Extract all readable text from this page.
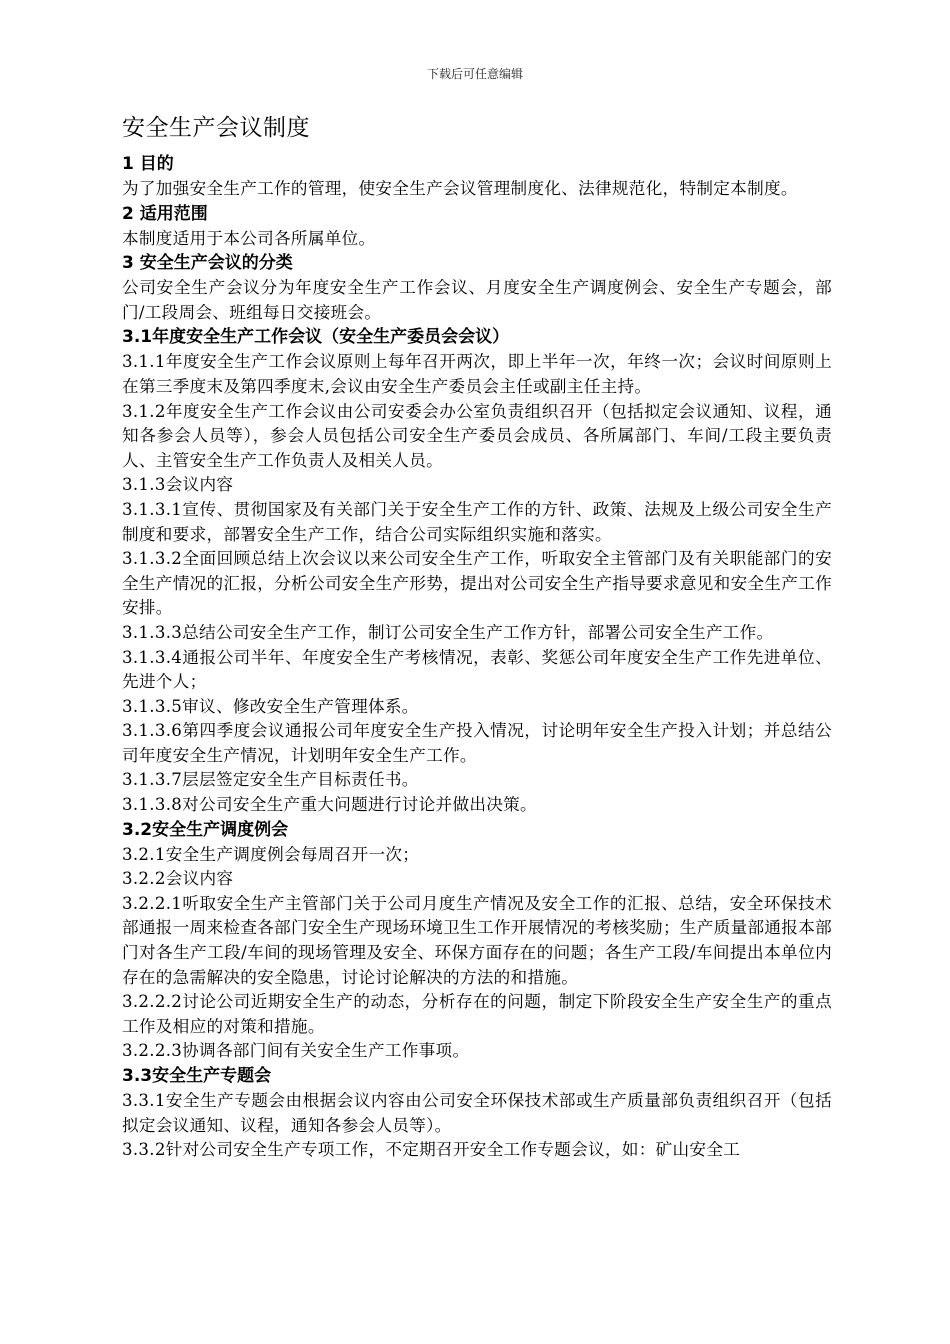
下载后可任意编辑
安全生产会议制度
1 目的
为了加强安全生产工作的管理，使安全生产会议管理制度化、法律规范化，特制定本制度。
2 适用范围
本制度适用于本公司各所属单位。
3 安全生产会议的分类
公司安全生产会议分为年度安全生产工作会议、月度安全生产调度例会、安全生产专题会，部门/工段周会、班组每日交接班会。
3.1年度安全生产工作会议（安全生产委员会会议）
3.1.1年度安全生产工作会议原则上每年召开两次，即上半年一次，年终一次；会议时间原则上在第三季度末及第四季度末,会议由安全生产委员会主任或副主任主持。
3.1.2年度安全生产工作会议由公司安委会办公室负责组织召开（包括拟定会议通知、议程，通知各参会人员等），参会人员包括公司安全生产委员会成员、各所属部门、车间/工段主要负责人、主管安全生产工作负责人及相关人员。
3.1.3会议内容
3.1.3.1宣传、贯彻国家及有关部门关于安全生产工作的方针、政策、法规及上级公司安全生产制度和要求，部署安全生产工作，结合公司实际组织实施和落实。
3.1.3.2全面回顾总结上次会议以来公司安全生产工作，听取安全主管部门及有关职能部门的安全生产情况的汇报，分析公司安全生产形势，提出对公司安全生产指导要求意见和安全生产工作安排。
3.1.3.3总结公司安全生产工作，制订公司安全生产工作方针，部署公司安全生产工作。
3.1.3.4通报公司半年、年度安全生产考核情况，表彰、奖惩公司年度安全生产工作先进单位、先进个人；
3.1.3.5审议、修改安全生产管理体系。
3.1.3.6第四季度会议通报公司年度安全生产投入情况，讨论明年安全生产投入计划；并总结公司年度安全生产情况，计划明年安全生产工作。
3.1.3.7层层签定安全生产目标责任书。
3.1.3.8对公司安全生产重大问题进行讨论并做出决策。
3.2安全生产调度例会
3.2.1安全生产调度例会每周召开一次；
3.2.2会议内容
3.2.2.1听取安全生产主管部门关于公司月度生产情况及安全工作的汇报、总结，安全环保技术部通报一周来检查各部门安全生产现场环境卫生工作开展情况的考核奖励；生产质量部通报本部门对各生产工段/车间的现场管理及安全、环保方面存在的问题；各生产工段/车间提出本单位内存在的急需解决的安全隐患，讨论讨论解决的方法的和措施。
3.2.2.2讨论公司近期安全生产的动态，分析存在的问题，制定下阶段安全生产安全生产的重点工作及相应的对策和措施。
3.2.2.3协调各部门间有关安全生产工作事项。
3.3安全生产专题会
3.3.1安全生产专题会由根据会议内容由公司安全环保技术部或生产质量部负责组织召开（包括拟定会议通知、议程，通知各参会人员等）。
3.3.2针对公司安全生产专项工作，不定期召开安全工作专题会议，如：矿山安全工
